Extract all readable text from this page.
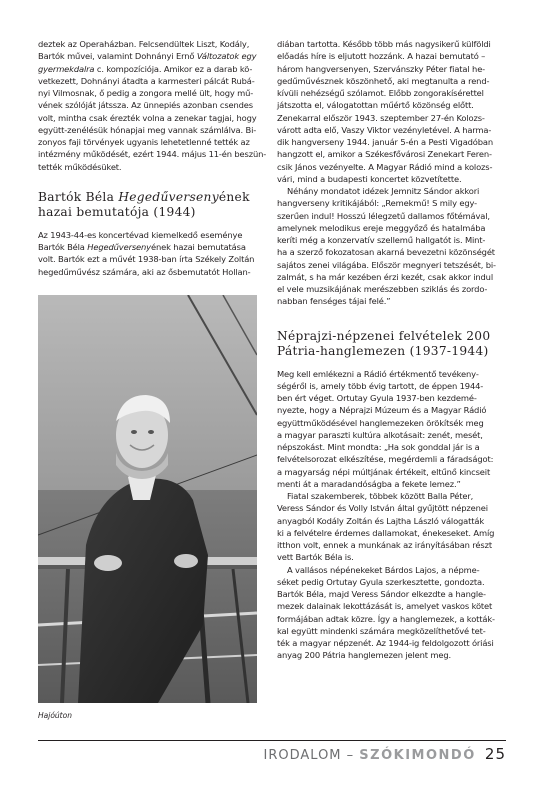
deztek az Operaházban. Felcsendültek Liszt, Kodály,

Bartók művei, valamint Dohnányi Ernő Változatok egy

gyermekdalra c. kompozíciója. Amikor ez a darab kö-

vetkezett, Dohnányi átadta a karmesteri pálcát Rubá-

nyi Vilmosnak, ő pedig a zongora mellé ült, hogy mű-

vének szólóját játssza. Az ünnepiés azonban csendes

volt, mintha csak érezték volna a zenekar tagjai, hogy

együtt-zenélésük hónapjai meg vannak számlálva. Bi-

zonyos faji törvények ugyanis lehetetlenné tették az

intézmény működését, ezért 1944. május 11-én beszün-

tették működésüket.

Bartók Béla Hegedűversenyének
hazai bemutatója (1944)

Az 1943-44-es koncertévad kiemelkedő eseménye

Bartók Béla Hegedűversenyének hazai bemutatása

volt. Bartók ezt a művét 1938-ban írta Székely Zoltán

hegedűművész számára, aki az ősbemutatót Hollan-

Hajóúton

diában tartotta. Később több más nagysikerű külföldi

előadás híre is eljutott hozzánk. A hazai bemutató –

három hangversenyen, Szervánszky Péter fiatal he-

gedűművésznek köszönhető, aki megtanulta a rend-

kívüli nehézségű szólamot. Előbb zongorakísérettel

játszotta el, válogatottan műértő közönség előtt.

Zenekarral először 1943. szeptember 27-én Kolozs-

várott adta elő, Vaszy Viktor vezényletével. A harma-

dik hangverseny 1944. január 5-én a Pesti Vigadóban

hangzott el, amikor a Székesfővárosi Zenekart Feren-

csik János vezényelte. A Magyar Rádió mind a kolozs-

vári, mind a budapesti koncertet közvetítette.

Néhány mondatot idézek Jemnitz Sándor akkori

hangverseny kritikájából: „Remekmű! S mily egy-

szerűen indul! Hosszú lélegzetű dallamos főtémával,

amelynek melodikus ereje meggyőző és hatalmába

keríti még a konzervatív szellemű hallgatót is. Mint-

ha a szerző fokozatosan akarná bevezetni közönségét

sajátos zenei világába. Először megnyeri tetszését, bi-

zalmát, s ha már kezében érzi kezét, csak akkor indul

el vele muzsikájának merészebben sziklás és zordo-

nabban fenséges tájai felé.”

Néprajzi-népzenei felvételek 200
Pátria-hanglemezen (1937-1944)

Meg kell emlékezni a Rádió értékmentő tevékeny-

ségéről is, amely több évig tartott, de éppen 1944-

ben ért véget. Ortutay Gyula 1937-ben kezdemé-

nyezte, hogy a Néprajzi Múzeum és a Magyar Rádió

együttműködésével hanglemezeken örökítsék meg

a magyar paraszti kultúra alkotásait: zenét, mesét,

népszokást. Mint mondta: „Ha sok gonddal jár is a

felvételsorozat elkészítése, megérdemli a fáradságot:

a magyarság népi múltjának értékeit, eltűnő kincseit

menti át a maradandóságba a fekete lemez.”

Fiatal szakemberek, többek között Balla Péter,

Veress Sándor és Volly István által gyűjtött népzenei

anyagból Kodály Zoltán és Lajtha László válogatták

ki a felvételre érdemes dallamokat, énekeseket. Amíg

itthon volt, ennek a munkának az irányításában részt

vett Bartók Béla is.

A vallásos népénekeket Bárdos Lajos, a népme-

séket pedig Ortutay Gyula szerkesztette, gondozta.

Bartók Béla, majd Veress Sándor elkezdte a hangle-

mezek dalainak lekottázását is, amelyet vaskos kötet

formájában adtak közre. Így a hanglemezek, a kották-

kal együtt mindenki számára megközelíthetővé tet-

ték a magyar népzenét. Az 1944-ig feldolgozott óriási

anyag 200 Pátria hanglemezen jelent meg.

IRODALOM – SZÓKIMONDÓ 25
